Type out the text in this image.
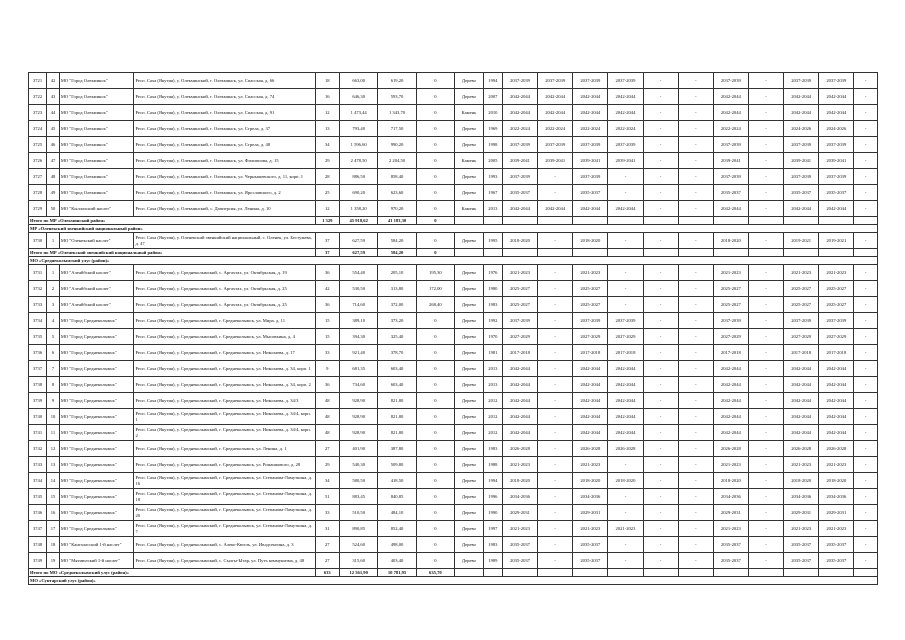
3721	42	МО "Город Олекминск"	Респ. Саха (Якутия), у. Олекминский, г. Олекминск, ул. Спасская, д. 66	18	663,00	619,20	0	Дерево	1994	2037-2039	2037-2039	2037-2039	2037-2039	-	-	2037-2039	-	2037-2039	2037-2039	-
3722	43	МО "Город Олекминск"	Респ. Саха (Якутия), у. Олекминский, г. Олекминск, ул. Спасская, д. 74	16	646,30	593,70	0	Дерево	2007	2042-2044	2042-2044	2042-2044	2042-2044	-	-	2042-2044	-	2042-2044	2042-2044	-
3723	44	МО "Город Олекминск"	Респ. Саха (Якутия), у. Олекминский, г. Олекминск, ул. Спасская, д. 91	12	1 473,44	1 343,70	0	Камень	2010	2042-2044	2042-2044	2042-2044	2042-2044	-	-	2042-2044	-	2042-2044	2042-2044	-
3724	45	МО "Город Олекминск"	Респ. Саха (Якутия), у. Олекминский, г. Олекминск, ул. Стрела, д. 37	13	793,40	717,50	0	Дерево	1969	2022-2024	2022-2024	2022-2024	2022-2024	-	-	2022-2024	-	2024-2026	2024-2026	-
3725	46	МО "Город Олекминск"	Респ. Саха (Якутия), у. Олекминский, г. Олекминск, ул. Стрела, д. 48	34	1 596,60	990,20	0	Дерево	1998	2037-2039	2037-2039	2037-2039	2037-2039	-	-	2037-2039	-	2037-2039	2037-2039	-
3726	47	МО "Город Олекминск"	Респ. Саха (Якутия), у. Олекминский, г. Олекминск, ул. Филиппова, д. 15	29	2 478,50	2 204,50	0	Камень	2005	2039-2041	2039-2041	2039-2041	2039-2041	-	-	2039-2041	-	2039-2041	2039-2041	-
3727	48	МО "Город Олекминск"	Респ. Саха (Якутия), у. Олекминский, г. Олекминск, ул. Чернышевского, д. 11, корп. 1	28	886,50	858,40	0	Дерево	1993	2037-2039	-	2037-2039	-	-	-	2037-2039	-	2037-2039	2037-2039	-
3728	49	МО "Город Олекминск"	Респ. Саха (Якутия), у. Олекминский, г. Олекминск, ул. Ярославского, д. 2	25	690,20	623,60	0	Дерево	1967	2035-2037	-	2035-2037	-	-	-	2035-2037	-	2035-2037	2035-2037	-
3729	50	МО "Кыллахский наслег"	Респ. Саха (Якутия), у. Олекминский, с. Дапперсия, ул. Ленина, д. 10	12	1 358,20	970,20	0	Камень	2013	2042-2044	2042-2044	2042-2044	2042-2044	-	-	2042-2044	-	2042-2044	2042-2044	-
Итого по МР «Олекминский район»				1 329	45 918,62	41 183,30	0													
МР «Оленекский эвенкийский национальный район»																				
3730	1	МО "Оленекский наслег"	Респ. Саха (Якутия), у. Оленекский эвенкийский национальный, с. Оленек, ул. Бестужева, д. 47	37	627,59	584,20	0	Дерево	1995	2018-2020	-	2018-2020	-	-	-	2018-2020	-	2019-2021	2019-2021	-
Итого по МР «Оленекский эвенкийский национальный район»				37	627,59	584,20	0													
МО «Среднеколымский улус (район)»																				
3731	1	МО "Алеайбский наслег"	Респ. Саха (Якутия), у. Среднеколымский, с. Аргахтах, ул. Октябрьская, д. 19	36	554,40	205,10	195,30	Дерево	1976	2021-2023	-	2021-2023	-	-	-	2021-2023	-	2021-2023	2021-2023	-
3732	2	МО "Алеайбский наслег"	Респ. Саха (Якутия), у. Среднеколымский, с. Аргахтах, ул. Октябрьская, д. 25	42	530,50	313,80	172,00	Дерево	1980	2025-2027	-	2025-2027	-	-	-	2025-2027	-	2025-2027	2025-2027	-
3733	3	МО "Алеайбский наслег"	Респ. Саха (Якутия), у. Среднеколымский, с. Аргахтах, ул. Октябрьская, д. 25	36	714,60	372,00	268,40	Дерево	1983	2025-2027	-	2025-2027	-	-	-	2025-2027	-	2025-2027	2025-2027	-
3734	4	МО "Город Среднеколымск"	Респ. Саха (Якутия), у. Среднеколымский, г. Среднеколымск, ул. Мира, д. 11	15	389,10	373,20	0	Дерево	1992	2037-2039	-	2037-2039	2037-2039	-	-	2037-2039	-	2037-2039	2037-2039	-
3735	5	МО "Город Среднеколымск"	Респ. Саха (Якутия), у. Среднеколымский, г. Среднеколымск, ул. Мысовкина, д. 4	15	394,30	325,40	0	Дерево	1970	2027-2029	-	2027-2029	2027-2029	-	-	2027-2029	-	2027-2029	2027-2029	-
3736	6	МО "Город Среднеколымск"	Респ. Саха (Якутия), у. Среднеколымский, г. Среднеколымск, ул. Николаева, д. 17	33	921,40	378,70	0	Дерево	1981	2017-2018	-	2017-2018	2017-2018	-	-	2017-2018	-	2017-2018	2017-2018	-
3737	7	МО "Город Среднеколымск"	Респ. Саха (Якутия), у. Среднеколымский, г. Среднеколымск, ул. Николаева, д. 34, корп. 1	9	681,35	603,40	0	Дерево	2013	2042-2044	-	2042-2044	2042-2044	-	-	2042-2044	-	2042-2044	2042-2044	-
3738	8	МО "Город Среднеколымск"	Респ. Саха (Якутия), у. Среднеколымский, г. Среднеколымск, ул. Николаева, д. 34, корп. 2	36	734,60	603,40	0	Дерево	2013	2042-2044	-	2042-2044	2042-2044	-	-	2042-2044	-	2042-2044	2042-2044	-
3739	9	МО "Город Среднеколымск"	Респ. Саха (Якутия), у. Среднеколымский, г. Среднеколымск, ул. Николаева, д. 34/3	48	928,90	821,80	0	Дерево	2012	2042-2044	-	2042-2044	2042-2044	-	-	2042-2044	-	2042-2044	2042-2044	-
3740	10	МО "Город Среднеколымск"	Респ. Саха (Якутия), у. Среднеколымский, г. Среднеколымск, ул. Николаева, д. 34/4, корп. 1	48	928,90	821,80	0	Дерево	2012	2042-2044	-	2042-2044	2042-2044	-	-	2042-2044	-	2042-2044	2042-2044	-
3741	11	МО "Город Среднеколымск"	Респ. Саха (Якутия), у. Среднеколымский, г. Среднеколымск, ул. Николаева, д. 34/4, корп. 2	48	928,90	821,80	0	Дерево	2012	2042-2044	-	2042-2044	2042-2044	-	-	2042-2044	-	2042-2044	2042-2044	-
3742	12	МО "Город Среднеколымск"	Респ. Саха (Якутия), у. Среднеколымский, г. Среднеколымск, ул. Ленина, д. 1	27	401,90	387,80	0	Дерево	1983	2026-2028	-	2026-2028	2026-2028	-	-	2026-2028	-	2026-2028	2026-2028	-
3743	13	МО "Город Среднеколымск"	Респ. Саха (Якутия), у. Среднеколымский, г. Среднеколымск, ул. Ромашкового, д. 28	29	540,30	509,80	0	Дерево	1988	2021-2023	-	2021-2023	-	-	-	2021-2023	-	2021-2023	2021-2023	-
3744	14	МО "Город Среднеколымск"	Респ. Саха (Якутия), у. Среднеколымский, г. Среднеколымск, ул. Степанова-Ламуткина, д. 16	34	580,50	418,50	0	Дерево	1994	2018-2020	-	2018-2020	2018-2020	-	-	2018-2020	-	2018-2020	2018-2020	-
3745	15	МО "Город Среднеколымск"	Респ. Саха (Якутия), у. Среднеколымский, г. Среднеколымск, ул. Степанова-Ламуткина, д. 18	51	883,45	840,85	0	Дерево	1996	2034-2036	-	2034-2036	-	-	-	2034-2036	-	2034-2036	2034-2036	-
3746	16	МО "Город Среднеколымск"	Респ. Саха (Якутия), у. Среднеколымский, г. Среднеколымск, ул. Степанова-Ламуткина, д. 20	33	510,50	484,10	0	Дерево	1990	2029-2031	-	2029-2031	-	-	-	2029-2031	-	2029-2031	2029-2031	-
3747	17	МО "Город Среднеколымск"	Респ. Саха (Якутия), у. Среднеколымский, г. Среднеколымск, ул. Степанова-Ламуткина, д. 7	31	890,85	852,40	0	Дерево	1997	2021-2023	-	2021-2023	2021-2023	-	-	2021-2023	-	2021-2023	2021-2023	-
3748	18	МО "Кангаласский 1-й наслег"	Респ. Саха (Якутия), у. Среднеколымский, с. Алеко-Кюель, ул. Ивлдсенгина, д. 3	27	524,60	498,00	0	Дерево	1983	2035-2037	-	2035-2037	-	-	-	2035-2037	-	2035-2037	2035-2037	-
3749	19	МО "Мятиюлский 1-й наслег"	Респ. Саха (Якутия), у. Среднеколымский, с. Сылгы-Ытар, ул. Путь коммунизма, д. 48	27	315,60	403,40	0	Дерево	1989	2035-2037	-	2035-2037	-	-	-	2035-2037	-	2035-2037	2035-2037	-
Итого по МО «Среднеколымский улус (район)»				633	12 561,90	10 781,95	635,70													
МО «Сунтарский улус (район)»																				
